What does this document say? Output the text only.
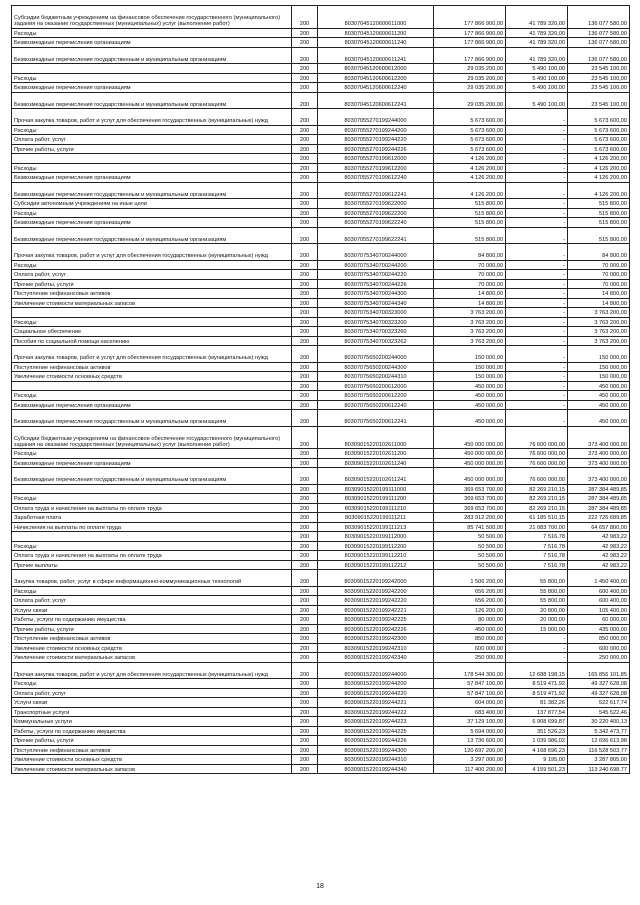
Субсидии бюджетным учреждениям на финансовое обеспечение государственного (муниципального) задания на оказание государственных (муниципальных) услуг (выполнение работ)	200	80307045120600611000	177 866 900,00	41 789 320,00	136 077 580,00
Расходы	200	80307045120600611200	177 866 900,00	41 789 320,00	136 077 580,00
Безвозмездные перечисления организациям	200	80307045120600611240	177 866 900,00	41 789 320,00	136 077 580,00
Безвозмездные перечисления государственным и муниципальным организациям	200	80307045120600611241	177 866 900,00	41 789 320,00	136 077 580,00
	200	80307045120600612000	29 035 200,00	5 490 100,00	23 545 100,00
Расходы	200	80307045120600612200	29 035 200,00	5 490 100,00	23 545 100,00
Безвозмездные перечисления организациям	200	80307045120600612240	29 035 200,00	5 490 100,00	23 545 100,00
Безвозмездные перечисления государственным и муниципальным организациям	200	80307045120600612241	29 035 200,00	5 490 100,00	23 545 100,00
Прочая закупка товаров, работ и услуг для обеспечения государственных (муниципальных) нужд	200	80307055270199244000	5 673 600,00	-	5 673 600,00
Расходы	200	80307055270199244200	5 673 600,00	-	5 673 600,00
Оплата работ, услуг	200	80307055270199244220	5 673 600,00	-	5 673 600,00
Прочие работы, услуги	200	80307055270199244226	5 673 600,00	-	5 673 600,00
	200	80307055270199612000	4 126 200,00	-	4 126 200,00
Расходы	200	80307055270199612200	4 126 200,00	-	4 126 200,00
Безвозмездные перечисления организациям	200	80307055270199612240	4 126 200,00	-	4 126 200,00
Безвозмездные перечисления государственным и муниципальным организациям	200	80307055270199612241	4 126 200,00	-	4 126 200,00
Субсидии автономным учреждениям на иные цели	200	80307055270199622000	515 800,00	-	515 800,00
Расходы	200	80307055270199622200	515 800,00	-	515 800,00
Безвозмездные перечисления организациям	200	80307055270199622240	515 800,00	-	515 800,00
Безвозмездные перечисления государственным и муниципальным организациям	200	80307055270199622241	515 800,00	-	515 800,00
Прочая закупка товаров, работ и услуг для обеспечения государственных (муниципальных) нужд	200	80307075340700244000	84 800,00	-	84 800,00
Расходы	200	80307075340700244200	70 000,00	-	70 000,00
Оплата работ, услуг	200	80307075340700244220	70 000,00	-	70 000,00
Прочие работы, услуги	200	80307075340700244226	70 000,00	-	70 000,00
Поступление нефинансовых активов	200	80307075340700244300	14 800,00	-	14 800,00
Увеличение стоимости материальных запасов	200	80307075340700244340	14 800,00	-	14 800,00
	200	80307075340700323000	3 763 200,00	-	3 763 200,00
Расходы	200	80307075340700323200	3 763 200,00	-	3 763 200,00
Социальное обеспечение	200	80307075340700323260	3 763 200,00	-	3 763 200,00
Пособия по социальной помощи населению	200	80307075340700323262	3 763 200,00	-	3 763 200,00
Прочая закупка товаров, работ и услуг для обеспечения государственных (муниципальных) нужд	200	80307075650200244000	150 000,00	-	150 000,00
Поступление нефинансовых активов	200	80307075650200244300	150 000,00	-	150 000,00
Увеличение стоимости основных средств	200	80307075650200244310	150 000,00	-	150 000,00
	200	80307075650200612000	450 000,00	-	450 000,00
Расходы	200	80307075650200612200	450 000,00	-	450 000,00
Безвозмездные перечисления организациям	200	80307075650200612240	450 000,00	-	450 000,00
Безвозмездные перечисления государственным и муниципальным организациям	200	80307075650200612241	450 000,00	-	450 000,00
Субсидии бюджетным учреждениям на финансовое обеспечение государственного (муниципального) задания на оказание государственных (муниципальных) услуг (выполнение работ)	200	80309015220102611000	450 000 000,00	76 600 000,00	373 400 000,00
Расходы	200	80309015220102611200	450 000 000,00	76 600 000,00	373 400 000,00
Безвозмездные перечисления организациям	200	80309015220102611240	450 000 000,00	76 600 000,00	373 400 000,00
Безвозмездные перечисления государственным и муниципальным организациям	200	80309015220102611241	450 000 000,00	76 600 000,00	373 400 000,00
	200	80309015220199111000	369 653 700,00	82 269 210,15	287 384 489,85
Расходы	200	80309015220199111200	369 653 700,00	82 269 210,15	287 384 489,85
Оплата труда и начисления на выплаты по оплате труда	200	80309015220199111210	369 653 700,00	82 269 210,15	287 384 489,85
Заработная плата	200	80309015220199111211	283 912 200,00	61 185 510,15	222 726 689,85
Начисления на выплаты по оплате труда	200	80309015220199111213	85 741 500,00	21 083 700,00	64 657 800,00
	200	80309015220199112000	50 500,00	7 516,78	42 983,22
Расходы	200	80309015220199112200	50 500,00	7 516,78	42 983,22
Оплата труда и начисления на выплаты по оплате труда	200	80309015220199112210	50 500,00	7 516,78	42 983,22
Прочие выплаты	200	80309015220199112212	50 500,00	7 516,78	42 983,22
Закупка товаров, работ, услуг в сфере информационно-коммуникационных технологий	200	80309015220199242000	1 506 200,00	55 800,00	1 450 400,00
Расходы	200	80309015220199242200	656 200,00	55 800,00	600 400,00
Оплата работ, услуг	200	80309015220199242220	656 200,00	55 800,00	600 400,00
Услуги связи	200	80309015220199242221	126 200,00	20 800,00	105 400,00
Работы, услуги по содержанию имущества	200	80309015220199242225	80 000,00	20 000,00	60 000,00
Прочие работы, услуги	200	80309015220199242226	450 000,00	15 000,00	435 000,00
Поступление нефинансовых активов	200	80309015220199242300	850 000,00	-	850 000,00
Увеличение стоимости основных средств	200	80309015220199242310	600 000,00	-	600 000,00
Увеличение стоимости материальных запасов	200	80309015220199242340	250 000,00	-	250 000,00
Прочая закупка товаров, работ и услуг для обеспечения государственных (муниципальных) нужд	200	80309015220199244000	178 544 300,00	12 688 198,15	165 856 101,85
Расходы	200	80309015220199244200	57 847 100,00	8 519 471,92	49 327 628,08
Оплата работ, услуг	200	80309015220199244220	57 847 100,00	8 519 471,92	49 327 628,08
Услуги связи	200	80309015220199244221	604 000,00	81 382,26	522 617,74
Транспортные услуги	200	80309015220199244222	683 400,00	137 877,54	545 522,46
Коммунальные услуги	200	80309015220199244223	37 129 100,00	6 908 699,87	30 220 400,13
Работы, услуги по содержанию имущества	200	80309015220199244225	5 694 000,00	351 526,23	5 342 473,77
Прочие работы, услуги	200	80309015220199244226	13 736 600,00	1 039 986,02	12 696 613,98
Поступление нефинансовых активов	200	80309015220199244300	120 697 200,00	4 168 696,23	116 528 503,77
Увеличение стоимости основных средств	200	80309015220199244310	3 297 000,00	9 195,00	3 287 805,00
Увеличение стоимости материальных запасов	200	80309015220199244340	117 400 200,00	4 159 501,23	113 240 698,77
18
